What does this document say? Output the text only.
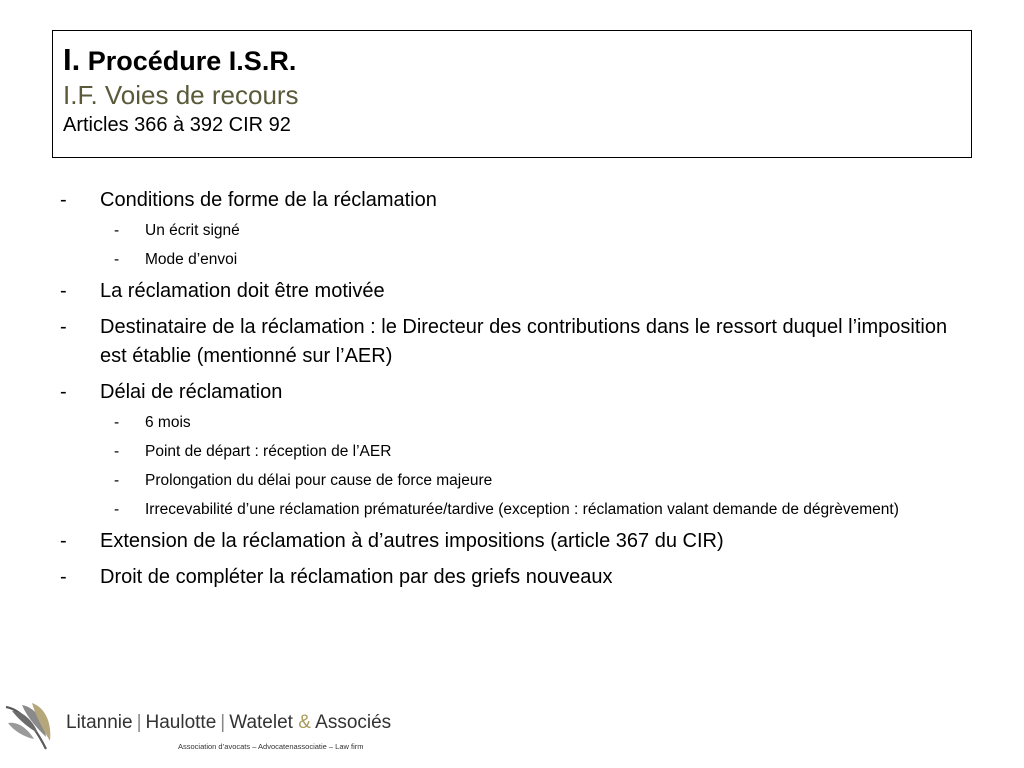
I. Procédure I.S.R.
I.F. Voies de recours
Articles 366 à 392 CIR 92
- Conditions de forme de la réclamation
- Un écrit signé
- Mode d’envoi
- La réclamation doit être motivée
- Destinataire de la réclamation : le Directeur des contributions dans le ressort duquel l’imposition est établie (mentionné sur l’AER)
- Délai de réclamation
- 6 mois
- Point de départ : réception de l’AER
- Prolongation du délai pour cause de force majeure
- Irrecevabilité d’une réclamation prématurée/tardive (exception : réclamation valant demande de dégrèvement)
- Extension de la réclamation à d’autres impositions (article 367 du CIR)
- Droit de compléter la réclamation par des griefs nouveaux
Litannie | Haulotte | Watelet & Associés
Association d’avocats – Advocatenassociatie – Law firm
